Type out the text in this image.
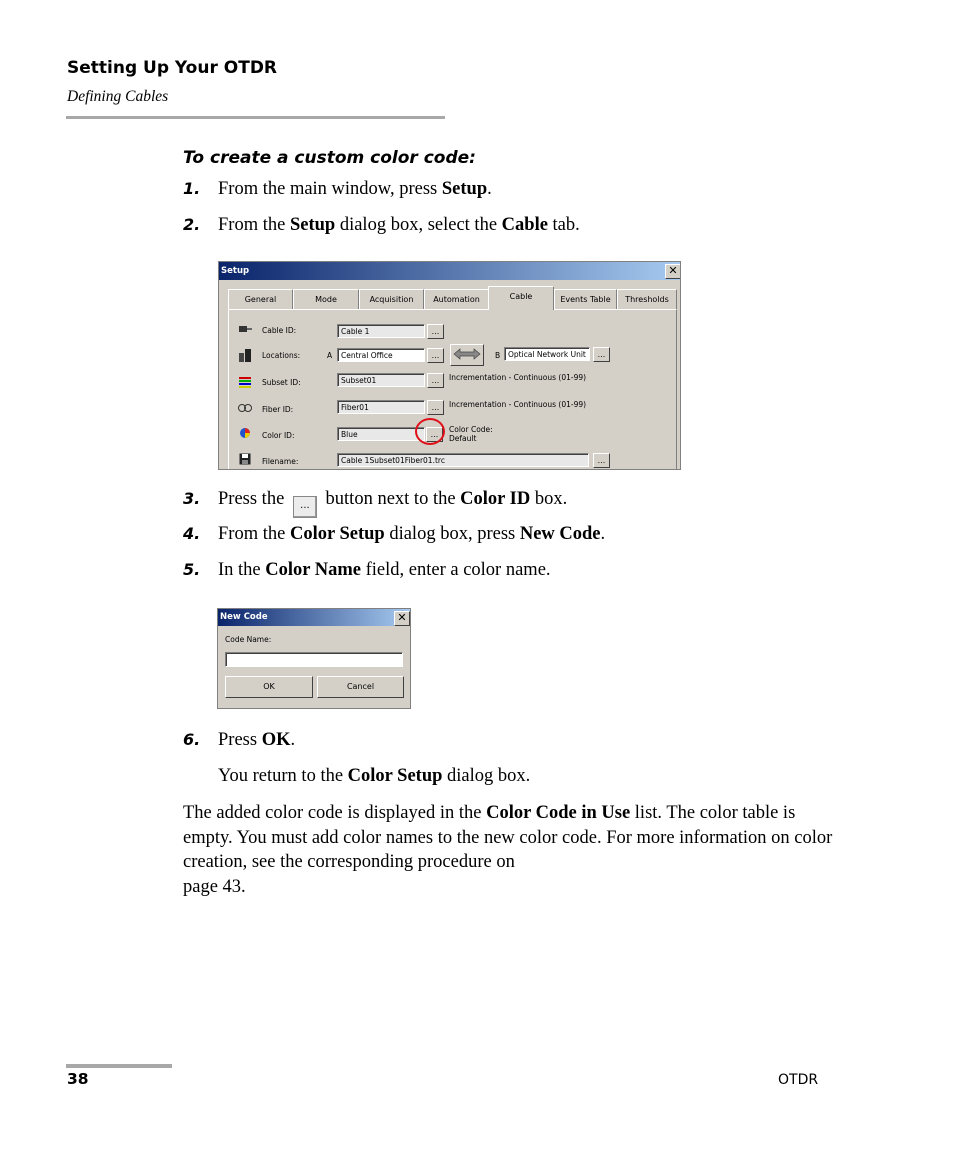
Setting Up Your OTDR
Defining Cables
To create a custom color code:
1. From the main window, press Setup.
2. From the Setup dialog box, select the Cable tab.
Setup	✕
General	Mode	Acquisition	Automation	Cable	Events Table	Thresholds
Cable ID:	Cable 1	...
Locations:	A	Central Office	...	B	Optical Network Unit	...
Subset ID:	Subset01	...	Incrementation - Continuous (01-99)
Fiber ID:	Fiber01	...	Incrementation - Continuous (01-99)
Color ID:	Blue	...
Color Code:
Default
Filename:	Cable 1Subset01Fiber01.trc	...
3. Press the ... button next to the Color ID box.
4. From the Color Setup dialog box, press New Code.
5. In the Color Name field, enter a color name.
New Code	✕
Code Name:
OK	Cancel
6. Press OK.
You return to the Color Setup dialog box.
The added color code is displayed in the Color Code in Use list. The color table is empty. You must add color names to the new color code. For more information on color creation, see the corresponding procedure on
page 43.
38	OTDR
